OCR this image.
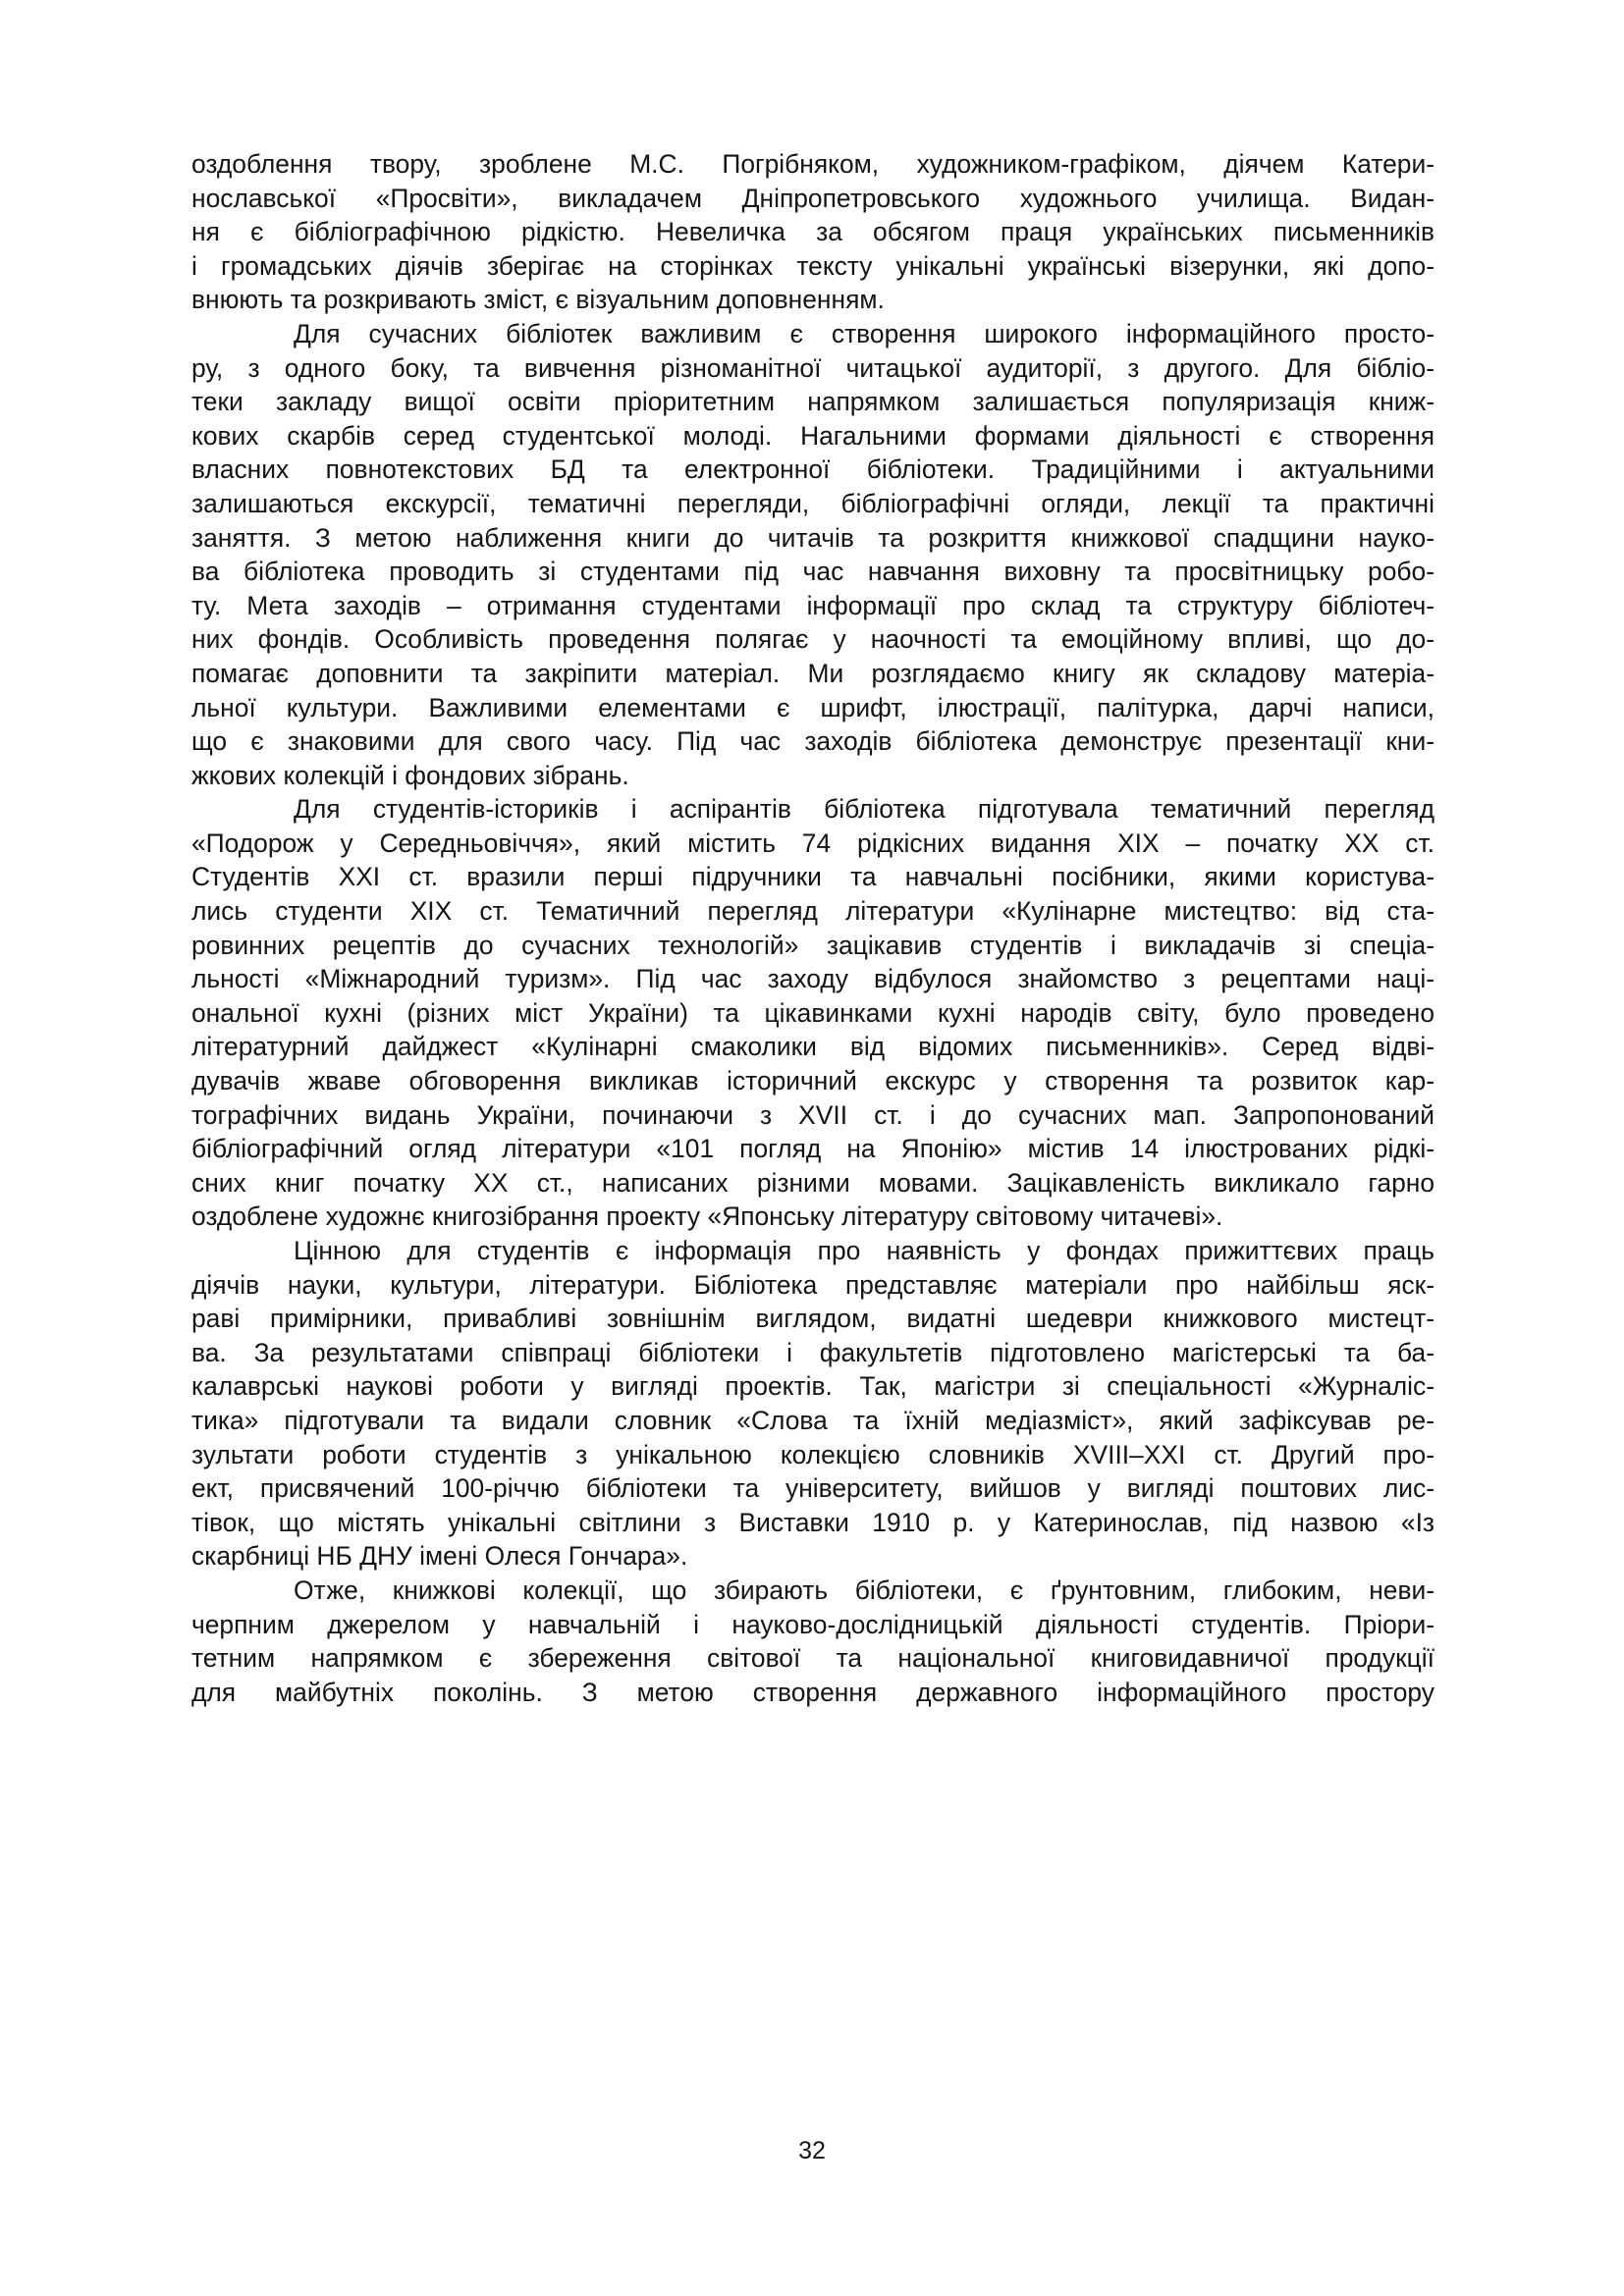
оздоблення твору, зроблене М.С. Погрібняком, художником-графіком, діячем Катери-
нославської «Просвіти», викладачем Дніпропетровського художнього училища. Видан-
ня є бібліографічною рідкістю. Невеличка за обсягом праця українських письменників
і громадських діячів зберігає на сторінках тексту унікальні українські візерунки, які допо-
внюють та розкривають зміст, є візуальним доповненням.
Для сучасних бібліотек важливим є створення широкого інформаційного просто-
ру, з одного боку, та вивчення різноманітної читацької аудиторії, з другого. Для бібліо-
теки закладу вищої освіти пріоритетним напрямком залишається популяризація книж-
кових скарбів серед студентської молоді. Нагальними формами діяльності є створення
власних повнотекстових БД та електронної бібліотеки. Традиційними і актуальними
залишаються екскурсії, тематичні перегляди, бібліографічні огляди, лекції та практичні
заняття. З метою наближення книги до читачів та розкриття книжкової спадщини науко-
ва бібліотека проводить зі студентами під час навчання виховну та просвітницьку робо-
ту. Мета заходів – отримання студентами інформації про склад та структуру бібліотеч-
них фондів. Особливість проведення полягає у наочності та емоційному впливі, що до-
помагає доповнити та закріпити матеріал. Ми розглядаємо книгу як складову матеріа-
льної культури. Важливими елементами є шрифт, ілюстрації, палітурка, дарчі написи,
що є знаковими для свого часу. Під час заходів бібліотека демонструє презентації кни-
жкових колекцій і фондових зібрань.
Для студентів-істориків і аспірантів бібліотека підготувала тематичний перегляд
«Подорож у Середньовіччя», який містить 74 рідкісних видання XIX – початку XX ст.
Студентів XXI ст. вразили перші підручники та навчальні посібники, якими користува-
лись студенти XIX ст. Тематичний перегляд літератури «Кулінарне мистецтво: від ста-
ровинних рецептів до сучасних технологій» зацікавив студентів і викладачів зі спеціа-
льності «Міжнародний туризм». Під час заходу відбулося знайомство з рецептами наці-
ональної кухні (різних міст України) та цікавинками кухні народів світу, було проведено
літературний дайджест «Кулінарні смаколики від відомих письменників». Серед відві-
дувачів жваве обговорення викликав історичний екскурс у створення та розвиток кар-
тографічних видань України, починаючи з XVII ст. і до сучасних мап. Запропонований
бібліографічний огляд літератури «101 погляд на Японію» містив 14 ілюстрованих рідкі-
сних книг початку XX ст., написаних різними мовами. Зацікавленість викликало гарно
оздоблене художнє книгозібрання проекту «Японську літературу світовому читачеві».
Цінною для студентів є інформація про наявність у фондах прижиттєвих праць
діячів науки, культури, літератури. Бібліотека представляє матеріали про найбільш яск-
раві примірники, привабливі зовнішнім виглядом, видатні шедеври книжкового мистецт-
ва. За результатами співпраці бібліотеки і факультетів підготовлено магістерські та ба-
калаврські наукові роботи у вигляді проектів. Так, магістри зі спеціальності «Журналіс-
тика» підготували та видали словник «Слова та їхній медіазміст», який зафіксував ре-
зультати роботи студентів з унікальною колекцією словників XVIII–XXI ст. Другий про-
ект, присвячений 100-річчю бібліотеки та університету, вийшов у вигляді поштових лис-
тівок, що містять унікальні світлини з Виставки 1910 р. у Катеринослав, під назвою «Із
скарбниці НБ ДНУ імені Олеся Гончара».
Отже, книжкові колекції, що збирають бібліотеки, є ґрунтовним, глибоким, неви-
черпним джерелом у навчальній і науково-дослідницькій діяльності студентів. Пріори-
тетним напрямком є збереження світової та національної книговидавничої продукції
для майбутніх поколінь. З метою створення державного інформаційного простору
32
